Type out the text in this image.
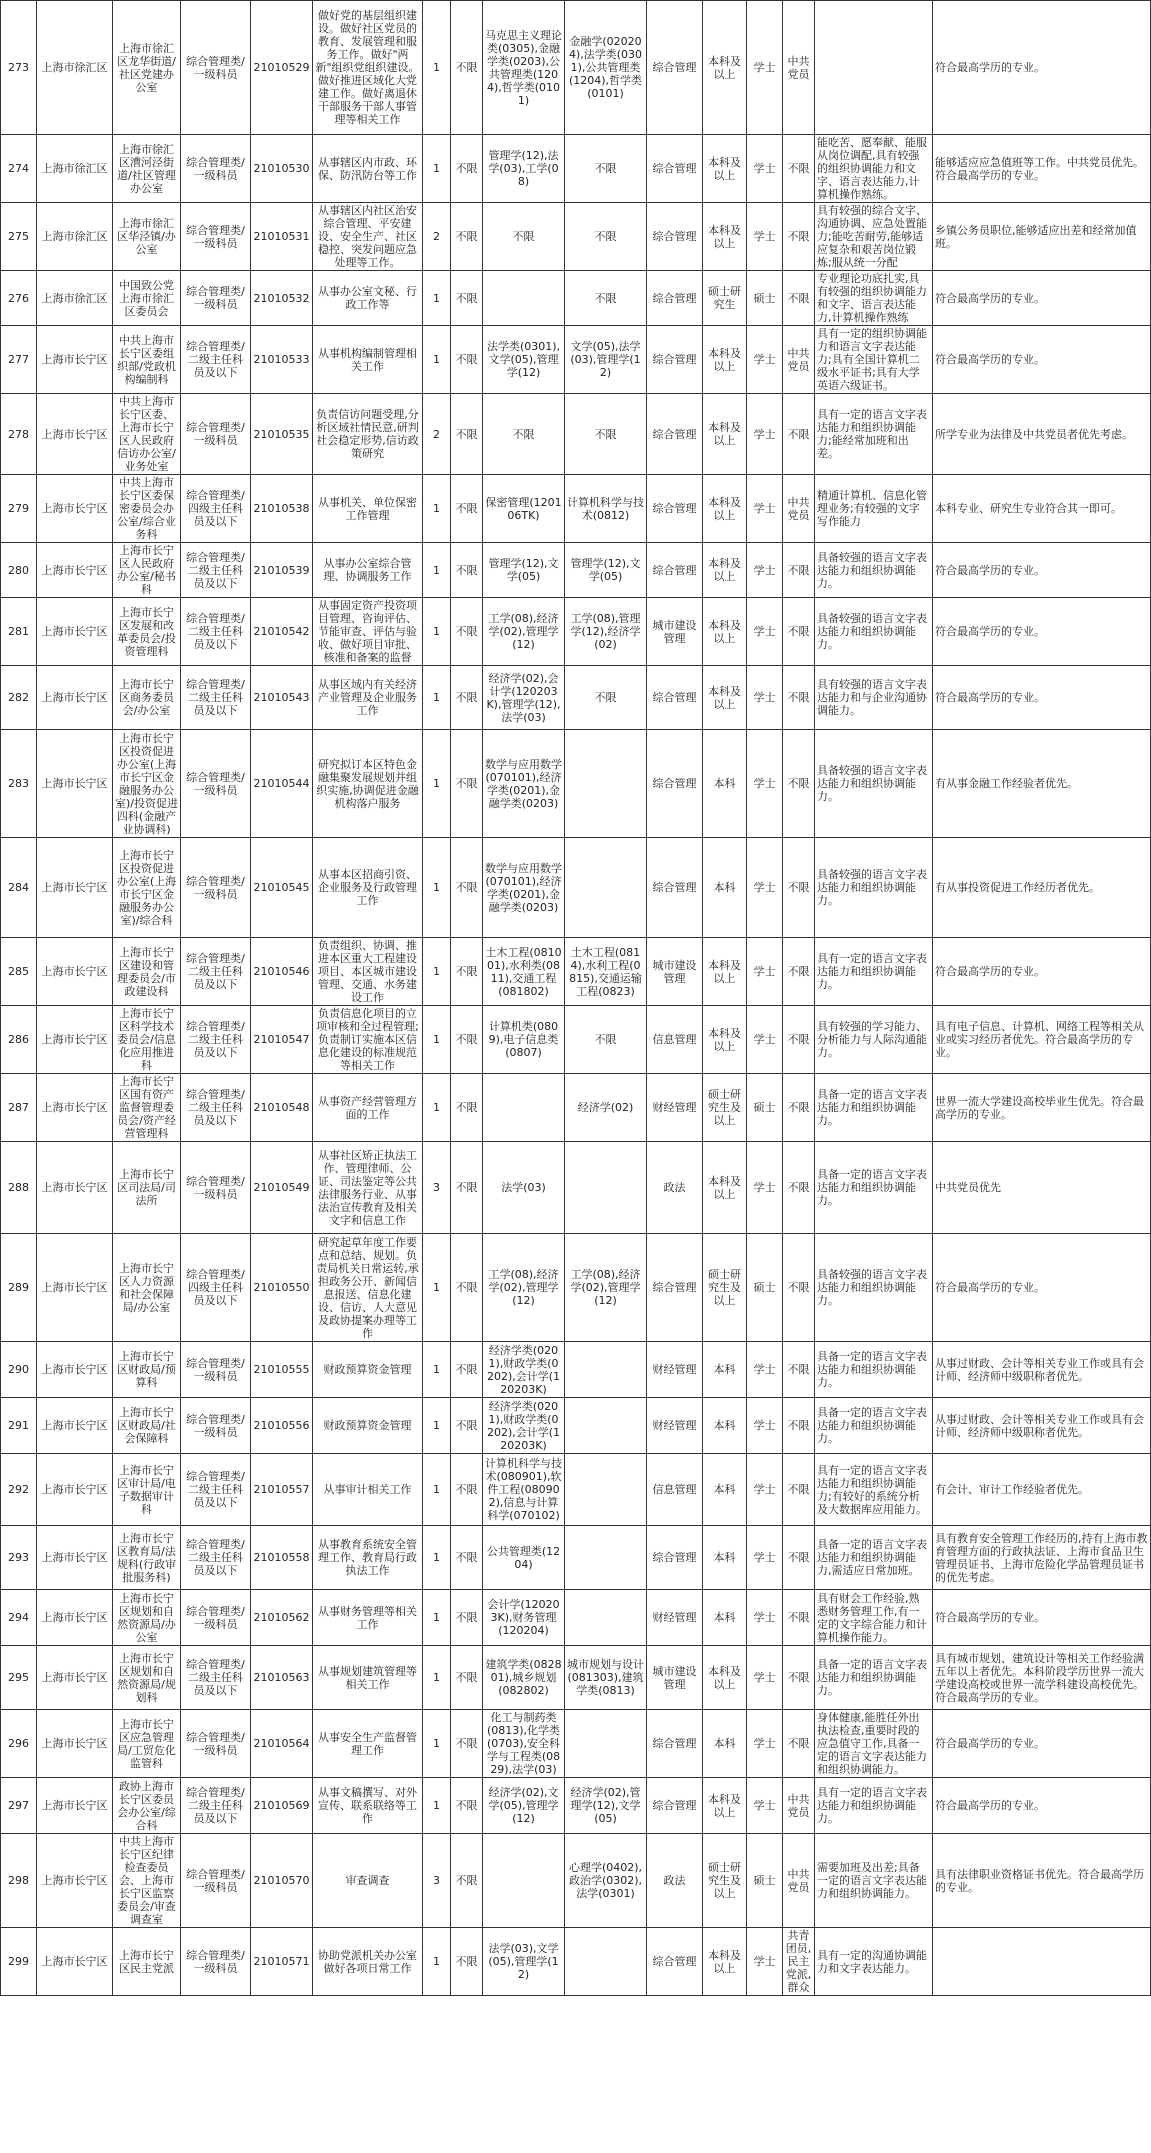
273	上海市徐汇区	上海市徐汇区龙华街道/社区党建办公室	综合管理类/一级科员	21010529	做好党的基层组织建设。做好社区党员的教育、发展管理和服务工作。做好"两新"组织党组织建设。做好推进区域化大党建工作。做好离退休干部服务干部人事管理等相关工作	1	不限	马克思主义理论类(0305),金融学类(0203),公共管理类(1204),哲学类(0101)	金融学(020204),法学类(0301),公共管理类(1204),哲学类(0101)	综合管理	本科及以上	学士	中共党员		符合最高学历的专业。
274	上海市徐汇区	上海市徐汇区漕河泾街道/社区管理办公室	综合管理类/一级科员	21010530	从事辖区内市政、环保、防汛防台等工作	1	不限	管理学(12),法学(03),工学(08)	不限	综合管理	本科及以上	学士	不限	能吃苦、愿奉献、能服从岗位调配,具有较强的组织协调能力和文字、语言表达能力,计算机操作熟练。	能够适应应急值班等工作。中共党员优先。符合最高学历的专业。
275	上海市徐汇区	上海市徐汇区华泾镇/办公室	综合管理类/一级科员	21010531	从事辖区内社区治安综合管理、平安建设、安全生产、社区稳控、突发问题应急处理等工作。	2	不限	不限	不限	综合管理	本科及以上	学士	不限	具有较强的综合文字、沟通协调、应急处置能力;能吃苦耐劳,能够适应复杂和艰苦岗位锻炼;服从统一分配	乡镇公务员职位,能够适应出差和经常加值班。
276	上海市徐汇区	中国致公党上海市徐汇区委员会	综合管理类/一级科员	21010532	从事办公室文秘、行政工作等	1	不限		不限	综合管理	硕士研究生	硕士	不限	专业理论功底扎实,具有较强的组织协调能力和文字、语言表达能力,计算机操作熟练	符合最高学历的专业。
277	上海市长宁区	中共上海市长宁区委组织部/党政机构编制科	综合管理类/二级主任科员及以下	21010533	从事机构编制管理相关工作	1	不限	法学类(0301),文学(05),管理学(12)	文学(05),法学(03),管理学(12)	综合管理	本科及以上	学士	中共党员	具有一定的组织协调能力和语言文字表达能力;具有全国计算机二级水平证书;具有大学英语六级证书。	符合最高学历的专业。
278	上海市长宁区	中共上海市长宁区委、上海市长宁区人民政府信访办公室/业务处室	综合管理类/一级科员	21010535	负责信访问题受理,分析区域社情民意,研判社会稳定形势,信访政策研究	2	不限	不限	不限	综合管理	本科及以上	学士	不限	具有一定的语言文字表达能力和组织协调能力;能经常加班和出差。	所学专业为法律及中共党员者优先考虑。
279	上海市长宁区	中共上海市长宁区委保密委员会办公室/综合业务科	综合管理类/四级主任科员及以下	21010538	从事机关、单位保密工作管理	1	不限	保密管理(120106TK)	计算机科学与技术(0812)	综合管理	本科及以上	学士	中共党员	精通计算机、信息化管理业务;有较强的文字写作能力	本科专业、研究生专业符合其一即可。
280	上海市长宁区	上海市长宁区人民政府办公室/秘书科	综合管理类/二级主任科员及以下	21010539	从事办公室综合管理、协调服务工作	1	不限	管理学(12),文学(05)	管理学(12),文学(05)	综合管理	本科及以上	学士	不限	具备较强的语言文字表达能力和组织协调能力。	符合最高学历的专业。
281	上海市长宁区	上海市长宁区发展和改革委员会/投资管理科	综合管理类/二级主任科员及以下	21010542	从事固定资产投资项目管理、咨询评估、节能审查、评估与验收、做好项目审批、核准和备案的监督	1	不限	工学(08),经济学(02),管理学(12)	工学(08),管理学(12),经济学(02)	城市建设管理	本科及以上	学士	不限	具备较强的语言文字表达能力和组织协调能力。	符合最高学历的专业。
282	上海市长宁区	上海市长宁区商务委员会/办公室	综合管理类/二级主任科员及以下	21010543	从事区域内有关经济产业管理及企业服务工作	1	不限	经济学(02),会计学(120203K),管理学(12),法学(03)	不限	综合管理	本科及以上	学士	不限	具有较强的语言文字表达能力和与企业沟通协调能力。	符合最高学历的专业。
283	上海市长宁区	上海市长宁区投资促进办公室(上海市长宁区金融服务办公室)/投资促进四科(金融产业协调科)	综合管理类/一级科员	21010544	研究拟订本区特色金融集聚发展规划并组织实施,协调促进金融机构落户服务	1	不限	数学与应用数学(070101),经济学类(0201),金融学类(0203)		综合管理	本科	学士	不限	具备较强的语言文字表达能力和组织协调能力。	有从事金融工作经验者优先。
284	上海市长宁区	上海市长宁区投资促进办公室(上海市长宁区金融服务办公室)/综合科	综合管理类/一级科员	21010545	从事本区招商引资、企业服务及行政管理工作	1	不限	数学与应用数学(070101),经济学类(0201),金融学类(0203)		综合管理	本科	学士	不限	具备较强的语言文字表达能力和组织协调能力。	有从事投资促进工作经历者优先。
285	上海市长宁区	上海市长宁区建设和管理委员会/市政建设科	综合管理类/二级主任科员及以下	21010546	负责组织、协调、推进本区重大工程建设项目、本区城市建设管理、交通、水务建设工作	1	不限	土木工程(081001),水利类(0811),交通工程(081802)	土木工程(0814),水利工程(0815),交通运输工程(0823)	城市建设管理	本科及以上	学士	不限	具有一定的语言文字表达能力和组织协调能力。	符合最高学历的专业。
286	上海市长宁区	上海市长宁区科学技术委员会/信息化应用推进科	综合管理类/二级主任科员及以下	21010547	负责信息化项目的立项审核和全过程管理;负责制订实施本区信息化建设的标准规范等相关工作	1	不限	计算机类(0809),电子信息类(0807)	不限	信息管理	本科及以上	学士	不限	具有较强的学习能力、分析能力与人际沟通能力。	具有电子信息、计算机、网络工程等相关从业或实习经历者优先。符合最高学历的专业。
287	上海市长宁区	上海市长宁区国有资产监督管理委员会/资产经营管理科	综合管理类/二级主任科员及以下	21010548	从事资产经营管理方面的工作	1	不限		经济学(02)	财经管理	硕士研究生及以上	硕士	不限	具备一定的语言文字表达能力和组织协调能力。	世界一流大学建设高校毕业生优先。符合最高学历的专业。
288	上海市长宁区	上海市长宁区司法局/司法所	综合管理类/一级科员	21010549	从事社区矫正执法工作、管理律师、公证、司法鉴定等公共法律服务行业、从事法治宣传教育及相关文字和信息工作	3	不限	法学(03)		政法	本科及以上	学士	不限	具备一定的语言文字表达能力和组织协调能力。	中共党员优先
289	上海市长宁区	上海市长宁区人力资源和社会保障局/办公室	综合管理类/四级主任科员及以下	21010550	研究起草年度工作要点和总结、规划。负责局机关日常运转,承担政务公开、新闻信息报送、信息化建设、信访、人大意见及政协提案办理等工作	1	不限	工学(08),经济学(02),管理学(12)	工学(08),经济学(02),管理学(12)	综合管理	硕士研究生及以上	硕士	不限	具备较强的语言文字表达能力和组织协调能力。	符合最高学历的专业。
290	上海市长宁区	上海市长宁区财政局/预算科	综合管理类/一级科员	21010555	财政预算资金管理	1	不限	经济学类(0201),财政学类(0202),会计学(120203K)		财经管理	本科	学士	不限	具备一定的语言文字表达能力和组织协调能力。	从事过财政、会计等相关专业工作或具有会计师、经济师中级职称者优先。
291	上海市长宁区	上海市长宁区财政局/社会保障科	综合管理类/一级科员	21010556	财政预算资金管理	1	不限	经济学类(0201),财政学类(0202),会计学(120203K)		财经管理	本科	学士	不限	具备一定的语言文字表达能力和组织协调能力。	从事过财政、会计等相关专业工作或具有会计师、经济师中级职称者优先。
292	上海市长宁区	上海市长宁区审计局/电子数据审计科	综合管理类/二级主任科员及以下	21010557	从事审计相关工作	1	不限	计算机科学与技术(080901),软件工程(080902),信息与计算科学(070102)		信息管理	本科	学士	不限	具有一定的语言文字表达能力和组织协调能力;有较好的系统分析及大数据库应用能力。	有会计、审计工作经验者优先。
293	上海市长宁区	上海市长宁区教育局/法规科(行政审批服务科)	综合管理类/二级主任科员及以下	21010558	从事教育系统安全管理工作、教育局行政执法工作	1	不限	公共管理类(1204)		综合管理	本科	学士	不限	具备一定的语言文字表达能力和组织协调能力,需适应日常加班。	具有教育安全管理工作经历的,持有上海市教育管理方面的行政执法证、上海市食品卫生管理员证书、上海市危险化学品管理员证书的优先考虑。
294	上海市长宁区	上海市长宁区规划和自然资源局/办公室	综合管理类/一级科员	21010562	从事财务管理等相关工作	1	不限	会计学(120203K),财务管理(120204)		财经管理	本科	学士	不限	具有财会工作经验,熟悉财务管理工作,有一定的文字综合能力和计算机操作能力。	符合最高学历的专业。
295	上海市长宁区	上海市长宁区规划和自然资源局/规划科	综合管理类/二级主任科员及以下	21010563	从事规划建筑管理等相关工作	1	不限	建筑学类(082801),城乡规划(082802)	城市规划与设计(081303),建筑学类(0813)	城市建设管理	本科及以上	学士	不限	具备一定的语言文字表达能力和组织协调能力。	具有城市规划、建筑设计等相关工作经验满五年以上者优先。本科阶段学历世界一流大学建设高校或世界一流学科建设高校优先。符合最高学历的专业。
296	上海市长宁区	上海市长宁区应急管理局/工贸危化监管科	综合管理类/一级科员	21010564	从事安全生产监督管理工作	1	不限	化工与制药类(0813),化学类(0703),安全科学与工程类(0829),法学(03)		综合管理	本科	学士	不限	身体健康,能胜任外出执法检查,重要时段的应急值守工作,具备一定的语言文字表达能力和组织协调能力。	符合最高学历的专业。
297	上海市长宁区	政协上海市长宁区委员会办公室/综合科	综合管理类/二级主任科员及以下	21010569	从事文稿撰写、对外宣传、联系联络等工作	1	不限	经济学(02),文学(05),管理学(12)	经济学(02),管理学(12),文学(05)	综合管理	本科及以上	学士	中共党员	具有一定的语言文字表达能力和组织协调能力。	符合最高学历的专业。
298	上海市长宁区	中共上海市长宁区纪律检查委员会、上海市长宁区监察委员会/审查调查室	综合管理类/一级科员	21010570	审查调查	3	不限		心理学(0402),政治学(0302),法学(0301)	政法	硕士研究生及以上	硕士	中共党员	需要加班及出差;具备一定的语言文字表达能力和组织协调能力。	具有法律职业资格证书优先。符合最高学历的专业。
299	上海市长宁区	上海市长宁区民主党派	综合管理类/一级科员	21010571	协助党派机关办公室做好各项日常工作	1	不限	法学(03),文学(05),管理学(12)		综合管理	本科及以上	学士	共青团员,民主党派,群众	具有一定的沟通协调能力和文字表达能力。	
